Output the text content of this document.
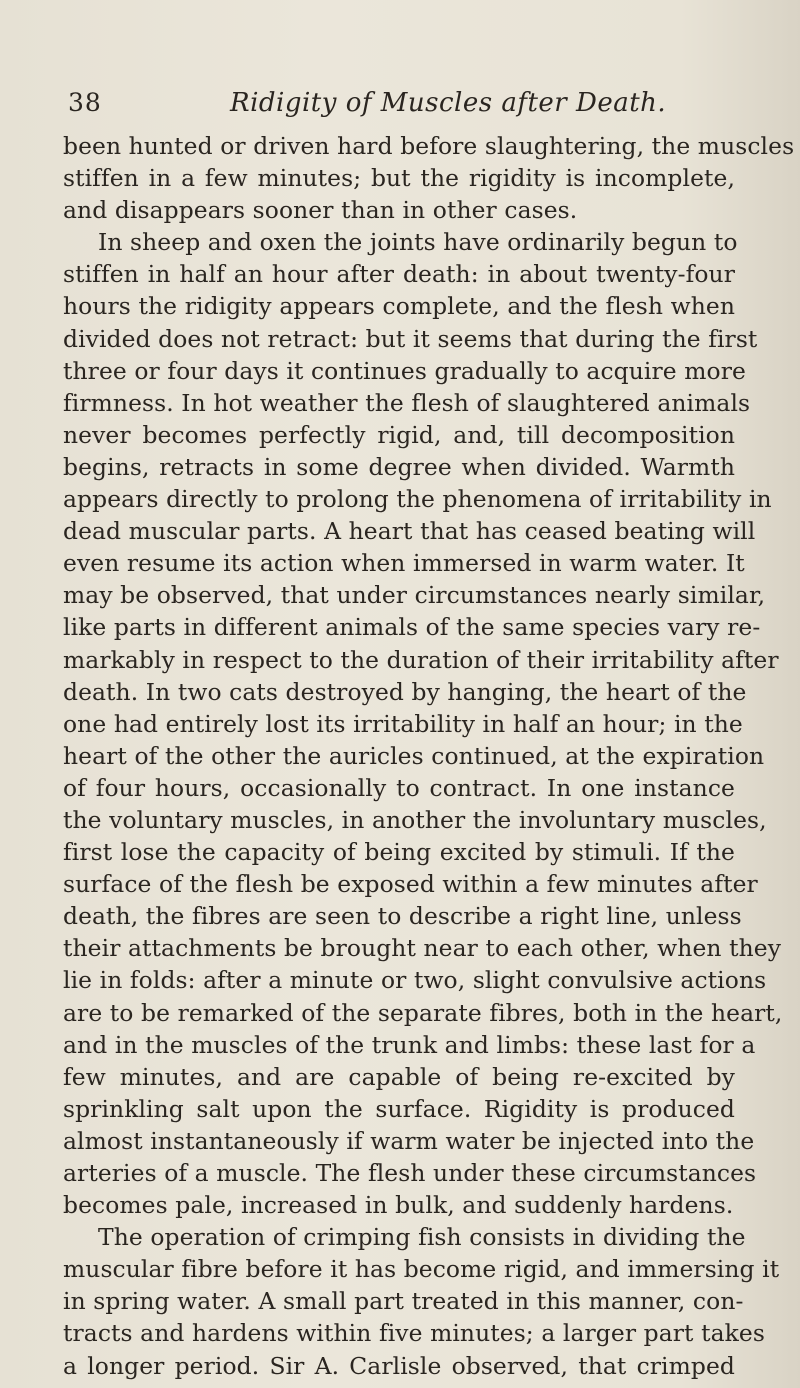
38	Ridigity of Muscles after Death.
been hunted or driven hard before slaughtering, the muscles
stiffen in a few minutes; but the rigidity is incomplete,
and disappears sooner than in other cases.
In sheep and oxen the joints have ordinarily begun to
stiffen in half an hour after death: in about twenty-four
hours the ridigity appears complete, and the flesh when
divided does not retract: but it seems that during the first
three or four days it continues gradually to acquire more
firmness. In hot weather the flesh of slaughtered animals
never becomes perfectly rigid, and, till decomposition
begins, retracts in some degree when divided. Warmth
appears directly to prolong the phenomena of irritability in
dead muscular parts. A heart that has ceased beating will
even resume its action when immersed in warm water. It
may be observed, that under circumstances nearly similar,
like parts in different animals of the same species vary re-
markably in respect to the duration of their irritability after
death. In two cats destroyed by hanging, the heart of the
one had entirely lost its irritability in half an hour; in the
heart of the other the auricles continued, at the expiration
of four hours, occasionally to contract. In one instance
the voluntary muscles, in another the involuntary muscles,
first lose the capacity of being excited by stimuli. If the
surface of the flesh be exposed within a few minutes after
death, the fibres are seen to describe a right line, unless
their attachments be brought near to each other, when they
lie in folds: after a minute or two, slight convulsive actions
are to be remarked of the separate fibres, both in the heart,
and in the muscles of the trunk and limbs: these last for a
few minutes, and are capable of being re-excited by
sprinkling salt upon the surface. Rigidity is produced
almost instantaneously if warm water be injected into the
arteries of a muscle. The flesh under these circumstances
becomes pale, increased in bulk, and suddenly hardens.
The operation of crimping fish consists in dividing the
muscular fibre before it has become rigid, and immersing it
in spring water. A small part treated in this manner, con-
tracts and hardens within five minutes; a larger part takes
a longer period. Sir A. Carlisle observed, that crimped
